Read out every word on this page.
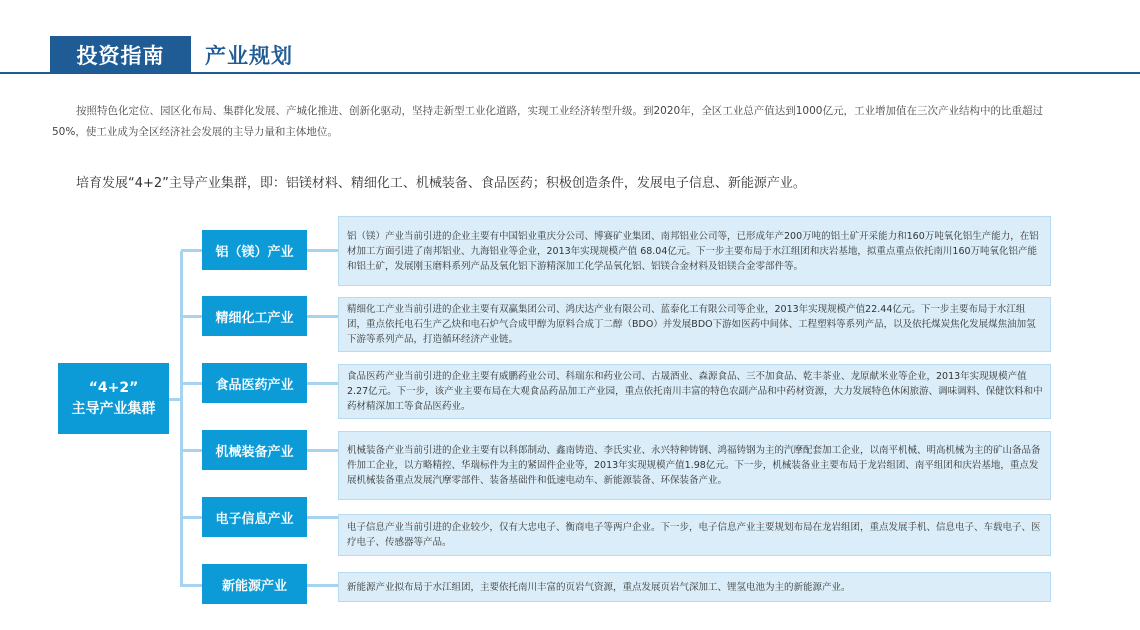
投资指南 产业规划

按照特色化定位、园区化布局、集群化发展、产城化推进、创新化驱动，坚持走新型工业化道路，实现工业经济转型升级。到2020年，全区工业总产值达到1000亿元，工业增加值在三次产业结构中的比重超过50%，使工业成为全区经济社会发展的主导力量和主体地位。

培育发展“4+2”主导产业集群，即：铝镁材料、精细化工、机械装备、食品医药；积极创造条件，发展电子信息、新能源产业。

“4+2”
主导产业集群
铝（镁）产业
精细化工产业
食品医药产业
机械装备产业
电子信息产业
新能源产业
铝（镁）产业当前引进的企业主要有中国铝业重庆分公司、博赛矿业集团、南邦铝业公司等，已形成年产200万吨的铝土矿开采能力和160万吨氧化铝生产能力，在铝材加工方面引进了南邦铝业、九海铝业等企业，2013年实现规模产值 68.04亿元。下一步主要布局于水江组团和庆岩基地，拟重点重点依托南川160万吨氧化铝产能和铝土矿，发展刚玉磨料系列产品及氧化铝下游精深加工化学品氧化铝、铝镁合金材料及铝镁合金零部件等。
精细化工产业当前引进的企业主要有双赢集团公司、鸿庆达产业有限公司、蓝泰化工有限公司等企业，2013年实现规模产值22.44亿元。下一步主要布局于水江组团，重点依托电石生产乙炔和电石炉气合成甲醇为原料合成丁二醇（BDO）并发展BDO下游如医药中间体、工程塑料等系列产品，以及依托煤炭焦化发展煤焦油加氢下游等系列产品，打造循环经济产业链。
食品医药产业当前引进的企业主要有威鹏药业公司、科瑞东和药业公司、古晟酒业、森源食品、三不加食品、乾丰茶业、龙原献米业等企业，2013年实现规模产值2.27亿元。下一步，该产业主要布局在大观食品药品加工产业园，重点依托南川丰富的特色农副产品和中药材资源，大力发展特色休闲旅游、调味调料、保健饮料和中药材精深加工等食品医药业。
机械装备产业当前引进的企业主要有以科郎制动、鑫南铸造、李氏实业、永兴特种铸钢、鸿福铸钢为主的汽摩配套加工企业，以南平机械、明高机械为主的矿山备品备件加工企业，以方略精控、华瑞标件为主的紧固件企业等，2013年实现规模产值1.98亿元。下一步，机械装备业主要布局于龙岩组团、南平组团和庆岩基地，重点发展机械装备重点发展汽摩零部件、装备基础件和低速电动车、新能源装备、环保装备产业。
电子信息产业当前引进的企业较少，仅有大忠电子、衡商电子等两户企业。下一步，电子信息产业主要规划布局在龙岩组团，重点发展手机、信息电子、车载电子、医疗电子、传感器等产品。
新能源产业拟布局于水江组团，主要依托南川丰富的页岩气资源，重点发展页岩气深加工、锂氢电池为主的新能源产业。
